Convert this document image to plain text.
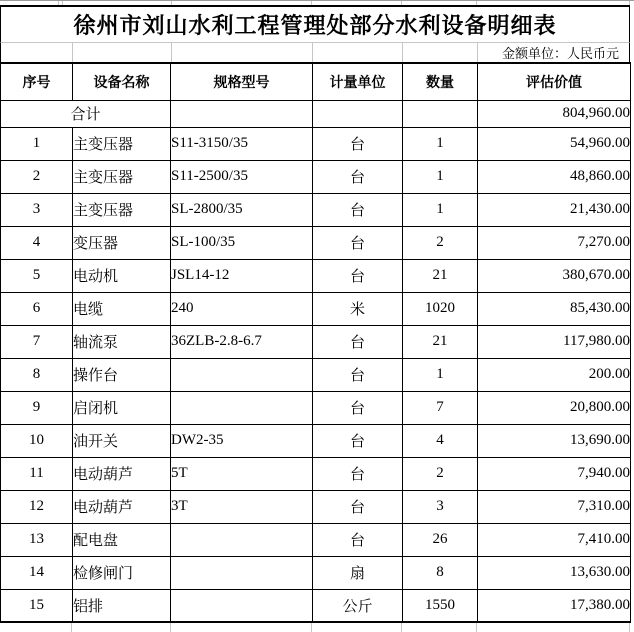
徐州市刘山水利工程管理处部分水利设备明细表
金额单位：人民币元
序号	设备名称	规格型号	计量单位	数量	评估价值
合计					804,960.00
1	主变压器	S11-3150/35	台	1	54,960.00
2	主变压器	S11-2500/35	台	1	48,860.00
3	主变压器	SL-2800/35	台	1	21,430.00
4	变压器	SL-100/35	台	2	7,270.00
5	电动机	JSL14-12	台	21	380,670.00
6	电缆	240	米	1020	85,430.00
7	轴流泵	36ZLB-2.8-6.7	台	21	117,980.00
8	操作台		台	1	200.00
9	启闭机		台	7	20,800.00
10	油开关	DW2-35	台	4	13,690.00
11	电动葫芦	5T	台	2	7,940.00
12	电动葫芦	3T	台	3	7,310.00
13	配电盘		台	26	7,410.00
14	检修闸门		扇	8	13,630.00
15	铝排		公斤	1550	17,380.00
